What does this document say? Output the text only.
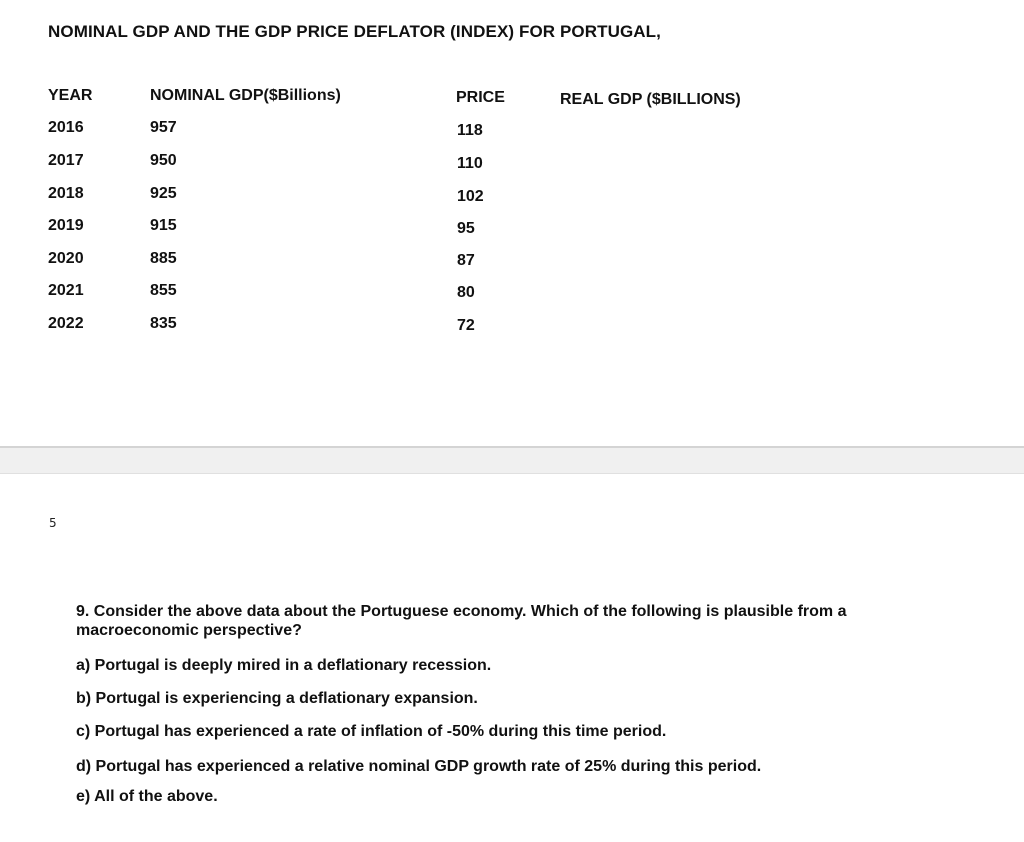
NOMINAL GDP AND THE GDP PRICE DEFLATOR (INDEX) FOR PORTUGAL,
YEAR	NOMINAL GDP($Billions)	PRICE	REAL GDP ($BILLIONS)
2016	957	118
2017	950	110
2018	925	102
2019	915	95
2020	885	87
2021	855	80
2022	835	72
5
9. Consider the above data about the Portuguese economy. Which of the following is plausible from a macroeconomic perspective?
a) Portugal is deeply mired in a deflationary recession.
b) Portugal is experiencing a deflationary expansion.
c) Portugal has experienced a rate of inflation of -50% during this time period.
d) Portugal has experienced a relative nominal GDP growth rate of 25% during this period.
e) All of the above.
